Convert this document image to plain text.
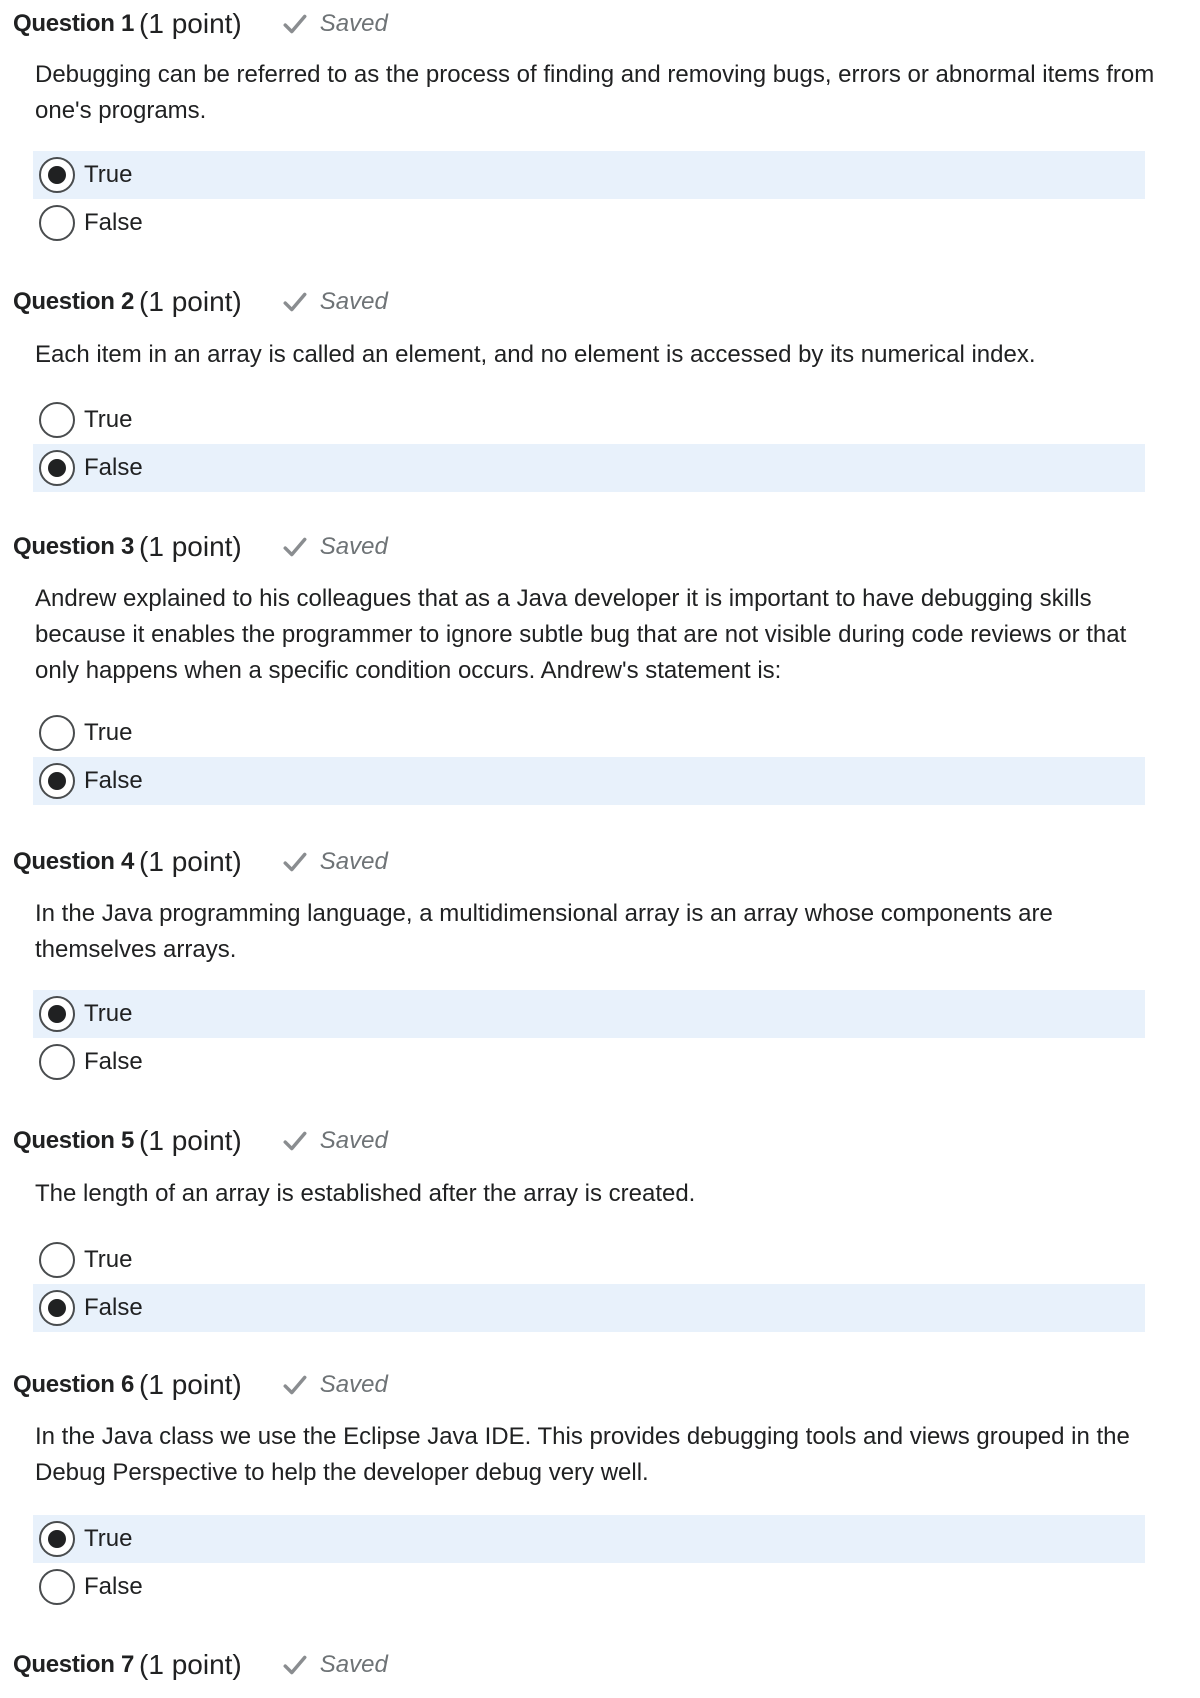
Question 1 (1 point)	Saved
Debugging can be referred to as the process of finding and removing bugs, errors or abnormal items from one's programs.
True
False
Question 2 (1 point)	Saved
Each item in an array is called an element, and no element is accessed by its numerical index.
True
False
Question 3 (1 point)	Saved
Andrew explained to his colleagues that as a Java developer it is important to have debugging skills because it enables the programmer to ignore subtle bug that are not visible during code reviews or that only happens when a specific condition occurs. Andrew's statement is:
True
False
Question 4 (1 point)	Saved
In the Java programming language, a multidimensional array is an array whose components are themselves arrays.
True
False
Question 5 (1 point)	Saved
The length of an array is established after the array is created.
True
False
Question 6 (1 point)	Saved
In the Java class we use the Eclipse Java IDE. This provides debugging tools and views grouped in the Debug Perspective to help the developer debug very well.
True
False
Question 7 (1 point)	Saved
